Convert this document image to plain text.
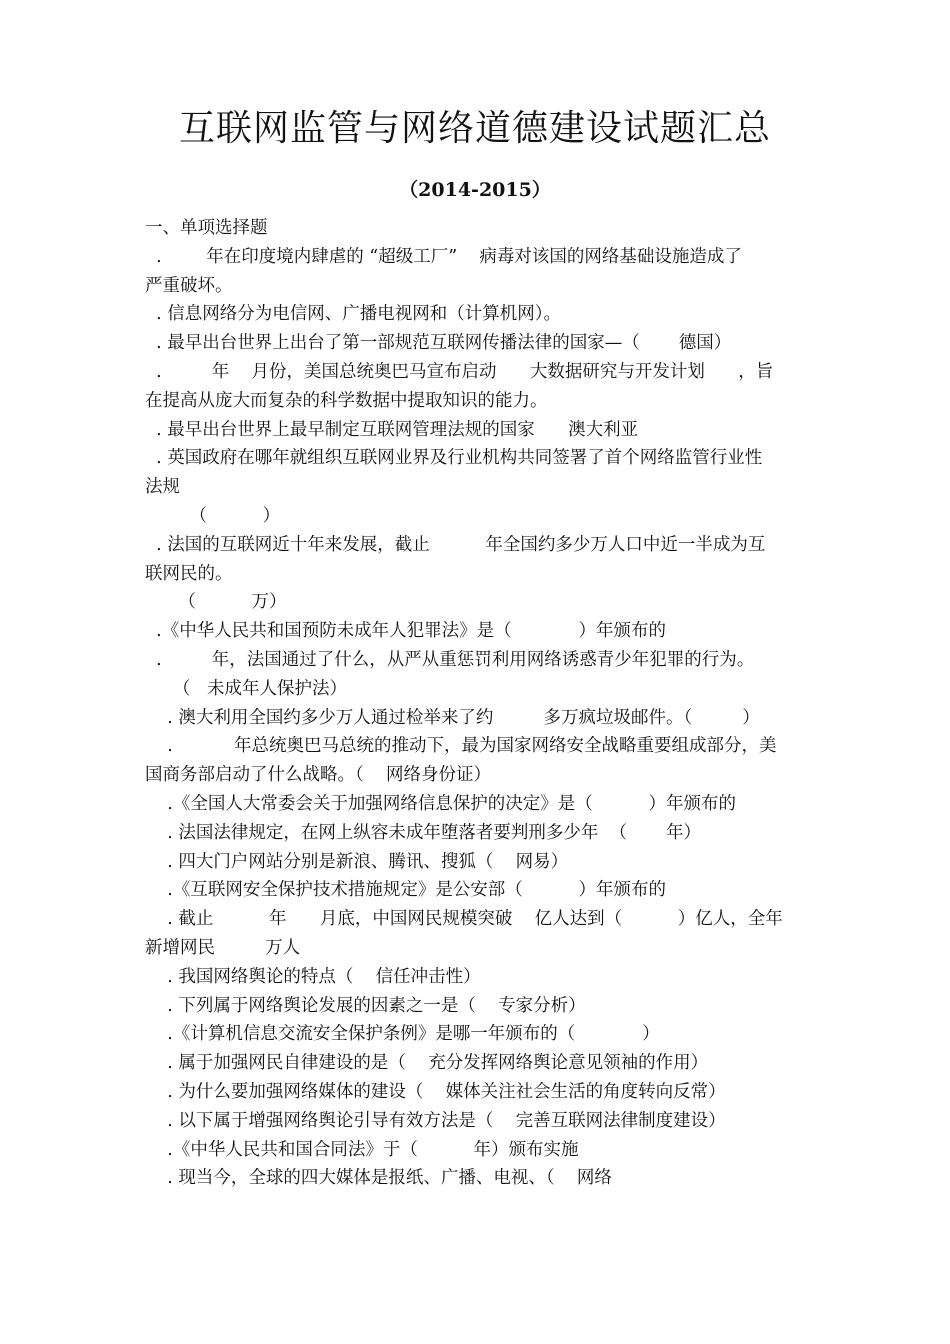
互联网监管与网络道德建设试题汇总
（2014-2015）
一、单项选择题
.        年在印度境内肆虐的 “超级工厂”    病毒对该国的网络基础设施造成了
严重破坏。
. 信息网络分为电信网、广播电视网和（计算机网）。
. 最早出台世界上出台了第一部规范互联网传播法律的国家—（       德国）
.         年    月份，美国总统奥巴马宣布启动      大数据研究与开发计划      ，旨
在提高从庞大而复杂的科学数据中提取知识的能力。
. 最早出台世界上最早制定互联网管理法规的国家      澳大利亚
. 英国政府在哪年就组织互联网业界及行业机构共同签署了首个网络监管行业性
法规
（          ）
. 法国的互联网近十年来发展，截止          年全国约多少万人口中近一半成为互
联网民的。
（          万）
.《中华人民共和国预防未成年人犯罪法》是（            ）年颁布的
.         年，法国通过了什么，从严从重惩罚利用网络诱惑青少年犯罪的行为。
（   未成年人保护法）
. 澳大利用全国约多少万人通过检举来了约         多万疯垃圾邮件。（         ）
.           年总统奥巴马总统的推动下，最为国家网络安全战略重要组成部分，美
国商务部启动了什么战略。（    网络身份证）
.《全国人大常委会关于加强网络信息保护的决定》是（          ）年颁布的
. 法国法律规定，在网上纵容未成年堕落者要判刑多少年  （       年）
. 四大门户网站分别是新浪、腾讯、搜狐（    网易）
.《互联网安全保护技术措施规定》是公安部（          ）年颁布的
. 截止          年      月底，中国网民规模突破    亿人达到（          ）亿人，全年
新增网民         万人
. 我国网络舆论的特点（    信任冲击性）
. 下列属于网络舆论发展的因素之一是（    专家分析）
.《计算机信息交流安全保护条例》是哪一年颁布的（            ）
. 属于加强网民自律建设的是（    充分发挥网络舆论意见领袖的作用）
. 为什么要加强网络媒体的建设（    媒体关注社会生活的角度转向反常）
. 以下属于增强网络舆论引导有效方法是（    完善互联网法律制度建设）
.《中华人民共和国合同法》于（          年）颁布实施
. 现当今，全球的四大媒体是报纸、广播、电视、（    网络
